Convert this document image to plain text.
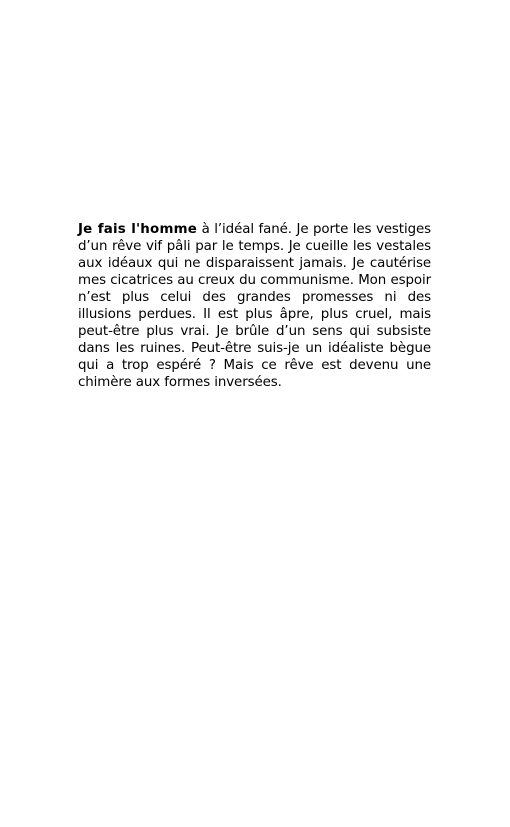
Je fais l'homme à l’idéal fané. Je porte les vestiges d’un rêve vif pâli par le temps. Je cueille les vestales aux idéaux qui ne disparaissent jamais. Je cautérise mes cicatrices au creux du communisme. Mon espoir n’est plus celui des grandes promesses ni des illusions perdues. Il est plus âpre, plus cruel, mais peut-être plus vrai. Je brûle d’un sens qui subsiste dans les ruines. Peut-être suis-je un idéaliste bègue qui a trop espéré ? Mais ce rêve est devenu une chimère aux formes inversées.
